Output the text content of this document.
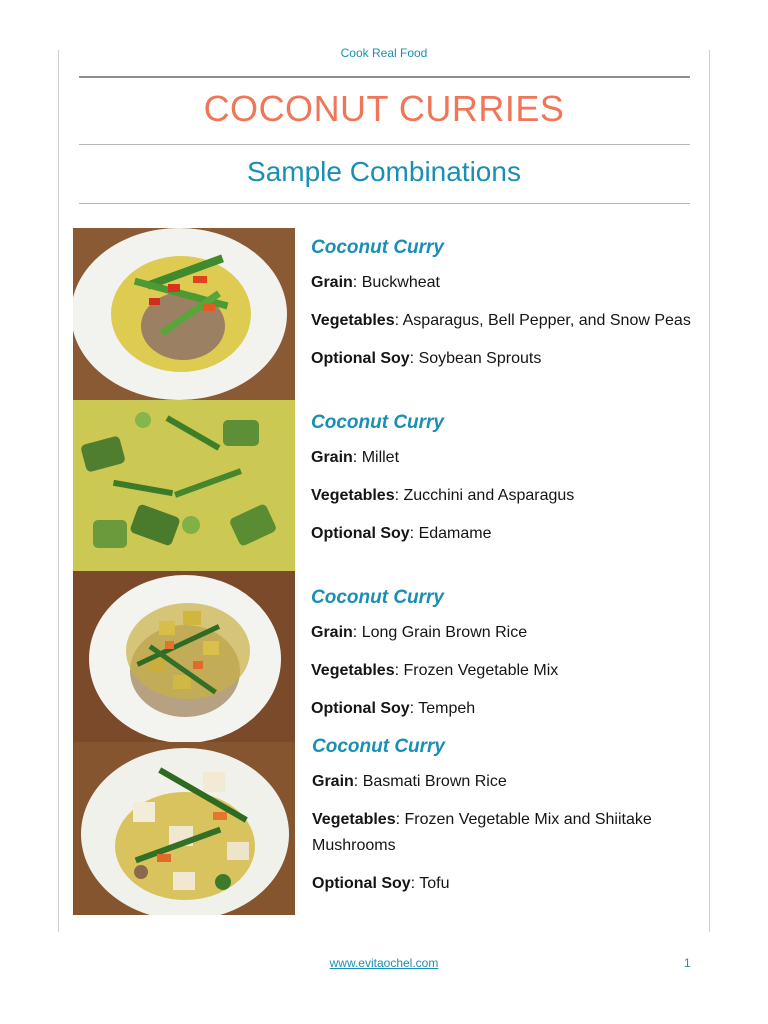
Cook Real Food
COCONUT CURRIES
Sample Combinations
Coconut Curry
Grain: Buckwheat
Vegetables: Asparagus, Bell Pepper, and Snow Peas
Optional Soy: Soybean Sprouts
Coconut Curry
Grain: Millet
Vegetables: Zucchini and Asparagus
Optional Soy: Edamame
Coconut Curry
Grain: Long Grain Brown Rice
Vegetables: Frozen Vegetable Mix
Optional Soy: Tempeh
Coconut Curry
Grain: Basmati Brown Rice
Vegetables: Frozen Vegetable Mix and Shiitake Mushrooms
Optional Soy: Tofu
www.evitaochel.com	1
